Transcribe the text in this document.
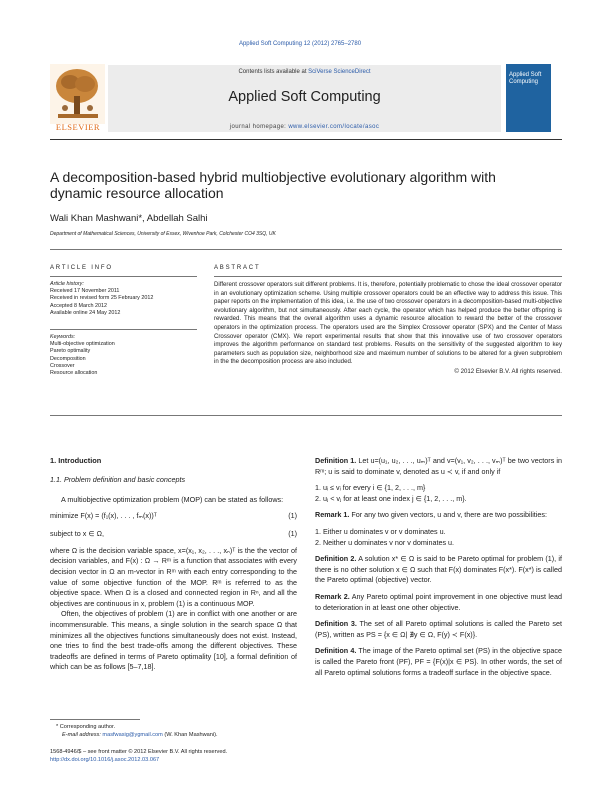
Applied Soft Computing 12 (2012) 2765–2780
Contents lists available at SciVerse ScienceDirect
Applied Soft Computing
journal homepage: www.elsevier.com/locate/asoc
ELSEVIER
Applied Soft Computing
A decomposition-based hybrid multiobjective evolutionary algorithm with
dynamic resource allocation
Wali Khan Mashwani*, Abdellah Salhi
Department of Mathematical Sciences, University of Essex, Wivenhoe Park, Colchester CO4 3SQ, UK
ARTICLE INFO
Article history:
Received 17 November 2011
Received in revised form 25 February 2012
Accepted 8 March 2012
Available online 24 May 2012
Keywords:
Multi-objective optimization
Pareto optimality
Decomposition
Crossover
Resource allocation
ABSTRACT

Different crossover operators suit different problems. It is, therefore, potentially problematic to chose the ideal crossover operator in an evolutionary optimization scheme. Using multiple crossover operators could be an effective way to address this issue. This paper reports on the implementation of this idea, i.e. the use of two crossover operators in a decomposition-based multi-objective evolutionary algorithm, but not simultaneously. After each cycle, the operator which has helped produce the better offspring is rewarded. This means that the overall algorithm uses a dynamic resource allocation to reward the better of the crossover operators in the optimization process. The operators used are the Simplex Crossover operator (SPX) and the Center of Mass Crossover operator (CMX). We report experimental results that show that this innovative use of two crossover operators improves the algorithm performance on standard test problems. Results on the sensitivity of the suggested algorithm to key parameters such as population size, neighborhood size and maximum number of solutions to be altered for a given subproblem in the the decomposition process are also included.

© 2012 Elsevier B.V. All rights reserved.

1. Introduction

1.1. Problem definition and basic concepts

A multiobjective optimization problem (MOP) can be stated as follows:

minimize F(x) = (f₁(x), . . . , fₘ(x))ᵀ	(1)
subject to x ∈ Ω,	(1)

where Ω is the decision variable space, x=(x₁, x₂, . . ., xₙ)ᵀ is the the vector of decision variables, and F(x) : Ω → Rᵐ is a function that associates with every decision vector in Ω an m-vector in Rᵐ with each entry corresponding to the value of some objective function of the MOP. Rᵐ is referred to as the objective space. When Ω is a closed and connected region in Rⁿ, and all the objectives are continuous in x, problem (1) is a continuous MOP.

Often, the objectives of problem (1) are in conflict with one another or are incommensurable. This means, a single solution in the search space Ω that minimizes all the objectives functions simultaneously does not exist. Instead, one tries to find the best trade-offs among the different objectives. These tradeoffs are defined in terms of Pareto optimality [10], a formal definition of which can be as follows [5–7,18].

* Corresponding author.
E-mail address: masfwasig@ygmail.com (W. Khan Mashwani).
1568-4946/$ – see front matter © 2012 Elsevier B.V. All rights reserved.
http://dx.doi.org/10.1016/j.asoc.2012.03.067

Definition 1. Let u=(u₁, u₂, . . ., uₘ)ᵀ and v=(v₁, v₂, . . ., vₘ)ᵀ be two vectors in Rᵐ; u is said to dominate v, denoted as u ≺ v, if and only if

1. uᵢ ≤ vᵢ for every i ∈ {1, 2, . . ., m}

2. uⱼ < vⱼ for at least one index j ∈ {1, 2, . . ., m}.

Remark 1. For any two given vectors, u and v, there are two possibilities:

1. Either u dominates v or v dominates u.

2. Neither u dominates v nor v dominates u.

Definition 2. A solution x* ∈ Ω is said to be Pareto optimal for problem (1), if there is no other solution x ∈ Ω such that F(x) dominates F(x*). F(x*) is called the Pareto optimal (objective) vector.

Remark 2. Any Pareto optimal point improvement in one objective must lead to deterioration in at least one other objective.

Definition 3. The set of all Pareto optimal solutions is called the Pareto set (PS), written as PS = {x ∈ Ω| ∄y ∈ Ω, F(y) ≺ F(x)}.

Definition 4. The image of the Pareto optimal set (PS) in the objective space is called the Pareto front (PF), PF = {F(x)|x ∈ PS}. In other words, the set of all Pareto optimal solutions forms a tradeoff surface in the objective space.
